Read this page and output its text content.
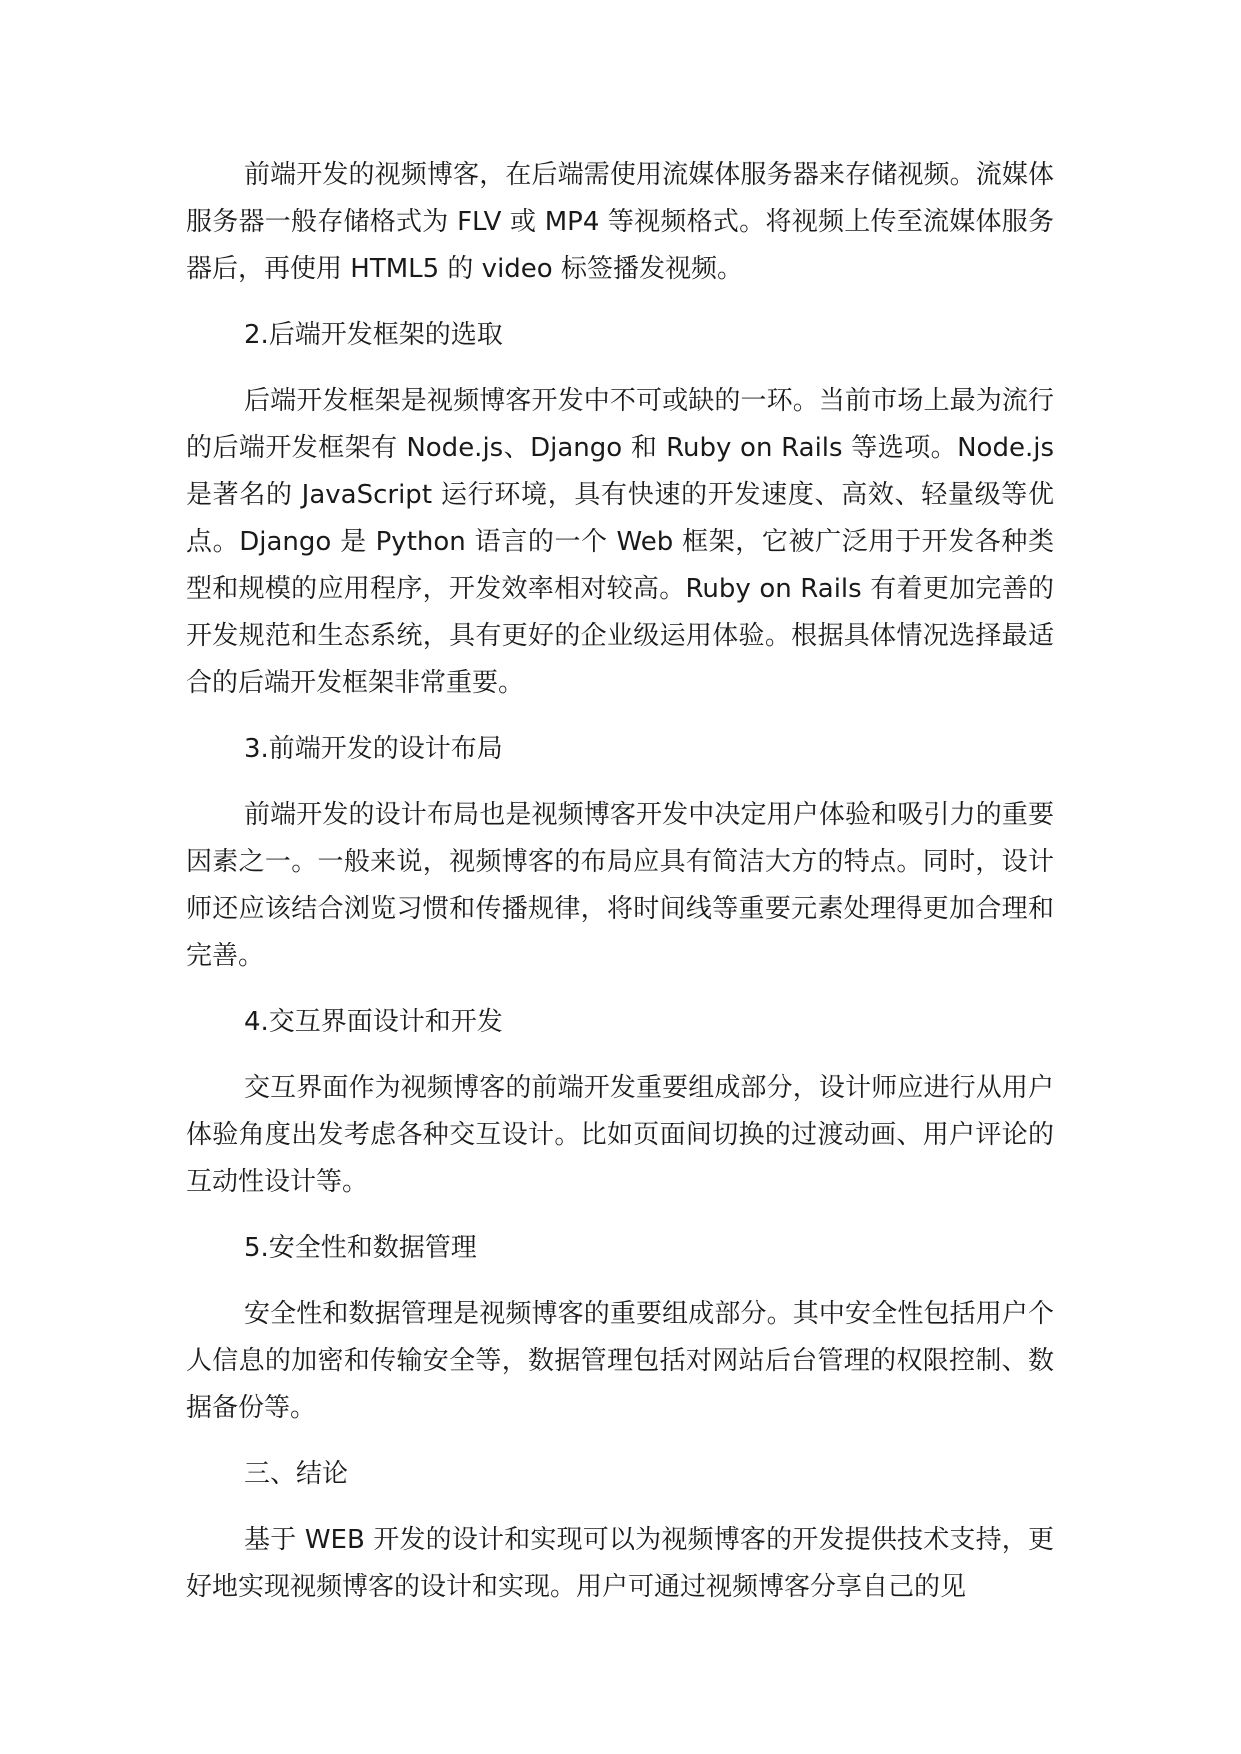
前端开发的视频博客，在后端需使用流媒体服务器来存储视频。流媒体服务器一般存储格式为 FLV 或 MP4 等视频格式。将视频上传至流媒体服务器后，再使用 HTML5 的 video 标签播发视频。

2.后端开发框架的选取

后端开发框架是视频博客开发中不可或缺的一环。当前市场上最为流行的后端开发框架有 Node.js、Django 和 Ruby on Rails 等选项。Node.js 是著名的 JavaScript 运行环境，具有快速的开发速度、高效、轻量级等优点。Django 是 Python 语言的一个 Web 框架，它被广泛用于开发各种类型和规模的应用程序，开发效率相对较高。Ruby on Rails 有着更加完善的开发规范和生态系统，具有更好的企业级运用体验。根据具体情况选择最适合的后端开发框架非常重要。

3.前端开发的设计布局

前端开发的设计布局也是视频博客开发中决定用户体验和吸引力的重要因素之一。一般来说，视频博客的布局应具有简洁大方的特点。同时，设计师还应该结合浏览习惯和传播规律，将时间线等重要元素处理得更加合理和完善。

4.交互界面设计和开发

交互界面作为视频博客的前端开发重要组成部分，设计师应进行从用户体验角度出发考虑各种交互设计。比如页面间切换的过渡动画、用户评论的互动性设计等。

5.安全性和数据管理

安全性和数据管理是视频博客的重要组成部分。其中安全性包括用户个人信息的加密和传输安全等，数据管理包括对网站后台管理的权限控制、数据备份等。

三、结论

基于 WEB 开发的设计和实现可以为视频博客的开发提供技术支持，更好地实现视频博客的设计和实现。用户可通过视频博客分享自己的见
